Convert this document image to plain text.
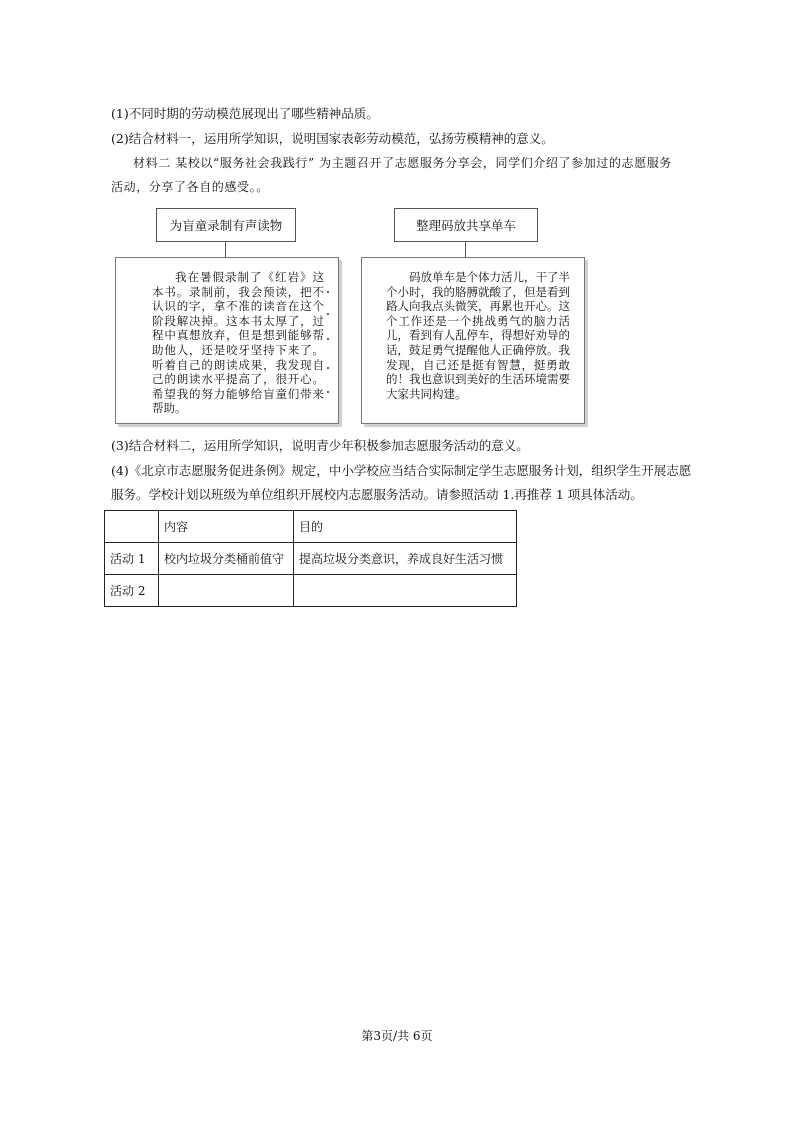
(1)不同时期的劳动模范展现出了哪些精神品质。
(2)结合材料一，运用所学知识，说明国家表彰劳动模范，弘扬劳模精神的意义。
材料二 某校以“服务社会我践行” 为主题召开了志愿服务分享会，同学们介绍了参加过的志愿服务
活动，分享了各自的感受。。
为盲童录制有声读物

我在暑假录制了《红岩》这本书。录制前，我会预读，把不认识的字，拿不准的读音在这个阶段解决掉。这本书太厚了，过程中真想放弃，但是想到能够帮助他人，还是咬牙坚持下来了。听着自己的朗读成果，我发现自己的朗读水平提高了，很开心。希望我的努力能够给盲童们带来帮助。

整理码放共享单车

码放单车是个体力活儿，干了半个小时，我的胳膊就酸了，但是看到路人向我点头微笑，再累也开心。这个工作还是一个挑战勇气的脑力活儿，看到有人乱停车，得想好劝导的话，鼓足勇气提醒他人正确停放。我发现，自己还是挺有智慧，挺勇敢的！我也意识到美好的生活环境需要大家共同构建。

(3)结合材料二，运用所学知识，说明青少年积极参加志愿服务活动的意义。
(4)《北京市志愿服务促进条例》规定，中小学校应当结合实际制定学生志愿服务计划，组织学生开展志愿
服务。学校计划以班级为单位组织开展校内志愿服务活动。请参照活动 1.再推荐 1 项具体活动。
	内容	目的
活动 1	校内垃圾分类桶前值守	提高垃圾分类意识，养成良好生活习惯
活动 2		
第3页/共 6页
